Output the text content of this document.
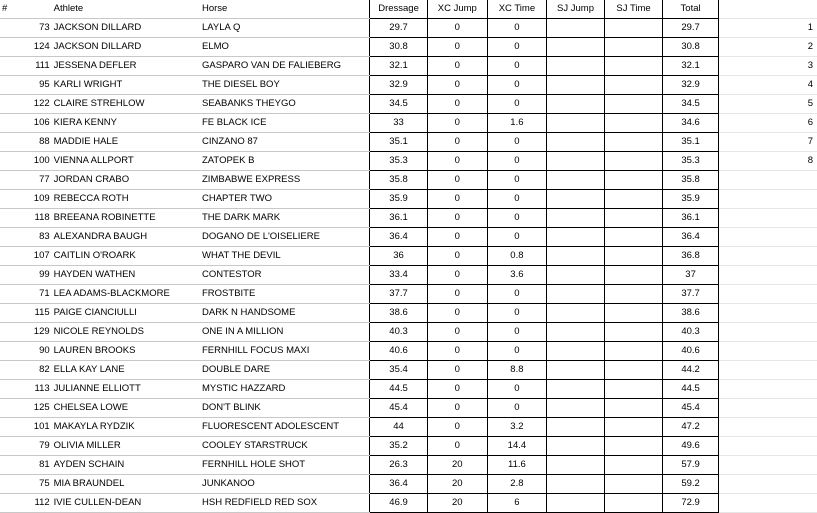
#	Athlete	Horse	Dressage	XC Jump	XC Time	SJ Jump	SJ Time	Total		
73	JACKSON DILLARD	LAYLA Q	29.7	0	0			29.7		1
124	JACKSON DILLARD	ELMO	30.8	0	0			30.8		2
111	JESSENA DEFLER	GASPARO VAN DE FALIEBERG	32.1	0	0			32.1		3
95	KARLI WRIGHT	THE DIESEL BOY	32.9	0	0			32.9		4
122	CLAIRE STREHLOW	SEABANKS THEYGO	34.5	0	0			34.5		5
106	KIERA KENNY	FE BLACK ICE	33	0	1.6			34.6		6
88	MADDIE HALE	CINZANO 87	35.1	0	0			35.1		7
100	VIENNA ALLPORT	ZATOPEK B	35.3	0	0			35.3		8
77	JORDAN CRABO	ZIMBABWE EXPRESS	35.8	0	0			35.8		
109	REBECCA ROTH	CHAPTER TWO	35.9	0	0			35.9		
118	BREEANA ROBINETTE	THE DARK MARK	36.1	0	0			36.1		
83	ALEXANDRA BAUGH	DOGANO DE L'OISELIERE	36.4	0	0			36.4		
107	CAITLIN O'ROARK	WHAT THE DEVIL	36	0	0.8			36.8		
99	HAYDEN WATHEN	CONTESTOR	33.4	0	3.6			37		
71	LEA ADAMS-BLACKMORE	FROSTBITE	37.7	0	0			37.7		
115	PAIGE CIANCIULLI	DARK N HANDSOME	38.6	0	0			38.6		
129	NICOLE REYNOLDS	ONE IN A MILLION	40.3	0	0			40.3		
90	LAUREN BROOKS	FERNHILL FOCUS MAXI	40.6	0	0			40.6		
82	ELLA KAY LANE	DOUBLE DARE	35.4	0	8.8			44.2		
113	JULIANNE ELLIOTT	MYSTIC HAZZARD	44.5	0	0			44.5		
125	CHELSEA LOWE	DON'T BLINK	45.4	0	0			45.4		
101	MAKAYLA RYDZIK	FLUORESCENT ADOLESCENT	44	0	3.2			47.2		
79	OLIVIA MILLER	COOLEY STARSTRUCK	35.2	0	14.4			49.6		
81	AYDEN SCHAIN	FERNHILL HOLE SHOT	26.3	20	11.6			57.9		
75	MIA BRAUNDEL	JUNKANOO	36.4	20	2.8			59.2		
112	IVIE CULLEN-DEAN	HSH REDFIELD RED SOX	46.9	20	6			72.9		
